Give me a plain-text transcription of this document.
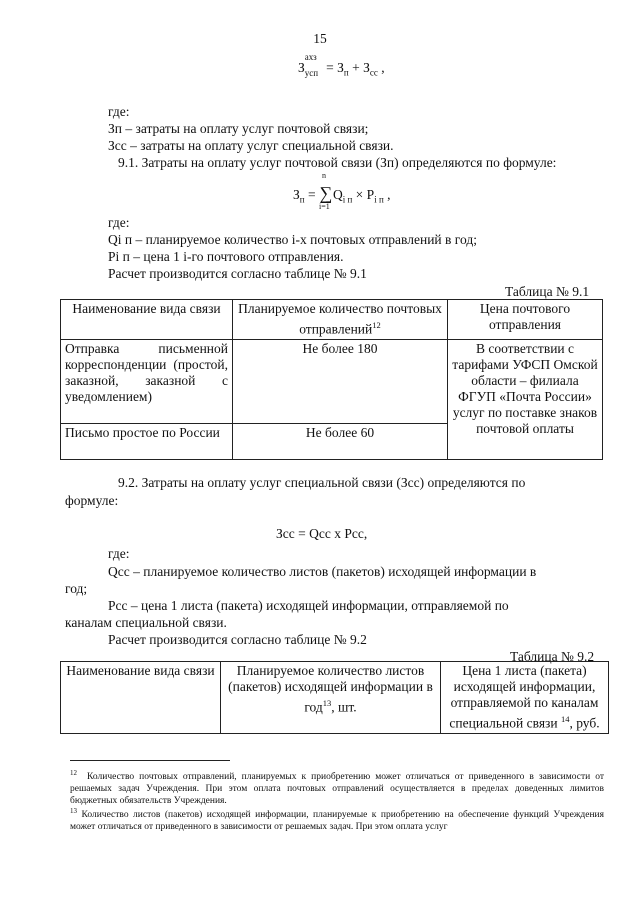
15
З
ахз
усп = $З_п + З_{сс}$ ,
где:
Зп – затраты на оплату услуг почтовой связи;
Зсс – затраты на оплату услуг специальной связи.
9.1. Затраты на оплату услуг почтовой связи (Зп) определяются по формуле:
$З_п$ =
n
∑
i=1
$Q_{i п} \times P_{i п}$ ,
где:
Qi п – планируемое количество i-х почтовых отправлений в год;
Pi п – цена 1 i-го почтового отправления.
Расчет производится согласно таблице № 9.1
Таблица № 9.1
Наименование вида связи	Планируемое количество почтовых отправлений$^{12}$	Цена почтового отправления
Отправка письменной корреспонденции (простой, заказной, заказной с уведомлением)	Не более 180	В соответствии с тарифами УФСП Омской области – филиала ФГУП «Почта России» услуг по поставке знаков почтовой оплаты
Письмо простое по России	Не более 60	
9.2. Затраты на оплату услуг специальной связи (Зсс) определяются по
формуле:
Зсс = Qсс х Рсс,
где:
Qсс – планируемое количество листов (пакетов) исходящей информации в
год;
Рсс – цена 1 листа (пакета) исходящей информации, отправляемой по
каналам специальной связи.
Расчет производится согласно таблице № 9.2
Таблица № 9.2
Наименование вида связи	Планируемое количество листов (пакетов) исходящей информации в год$^{13}$, шт.	Цена 1 листа (пакета) исходящей информации, отправляемой по каналам специальной связи $^{14}$, руб.
$^{12}$ Количество почтовых отправлений, планируемых к приобретению может отличаться от приведенного в зависимости от решаемых задач Учреждения. При этом оплата почтовых отправлений осуществляется в пределах доведенных лимитов бюджетных обязательств Учреждения.
$^{13}$ Количество листов (пакетов) исходящей информации, планируемые к приобретению на обеспечение функций Учреждения может отличаться от приведенного в зависимости от решаемых задач. При этом оплата услуг
